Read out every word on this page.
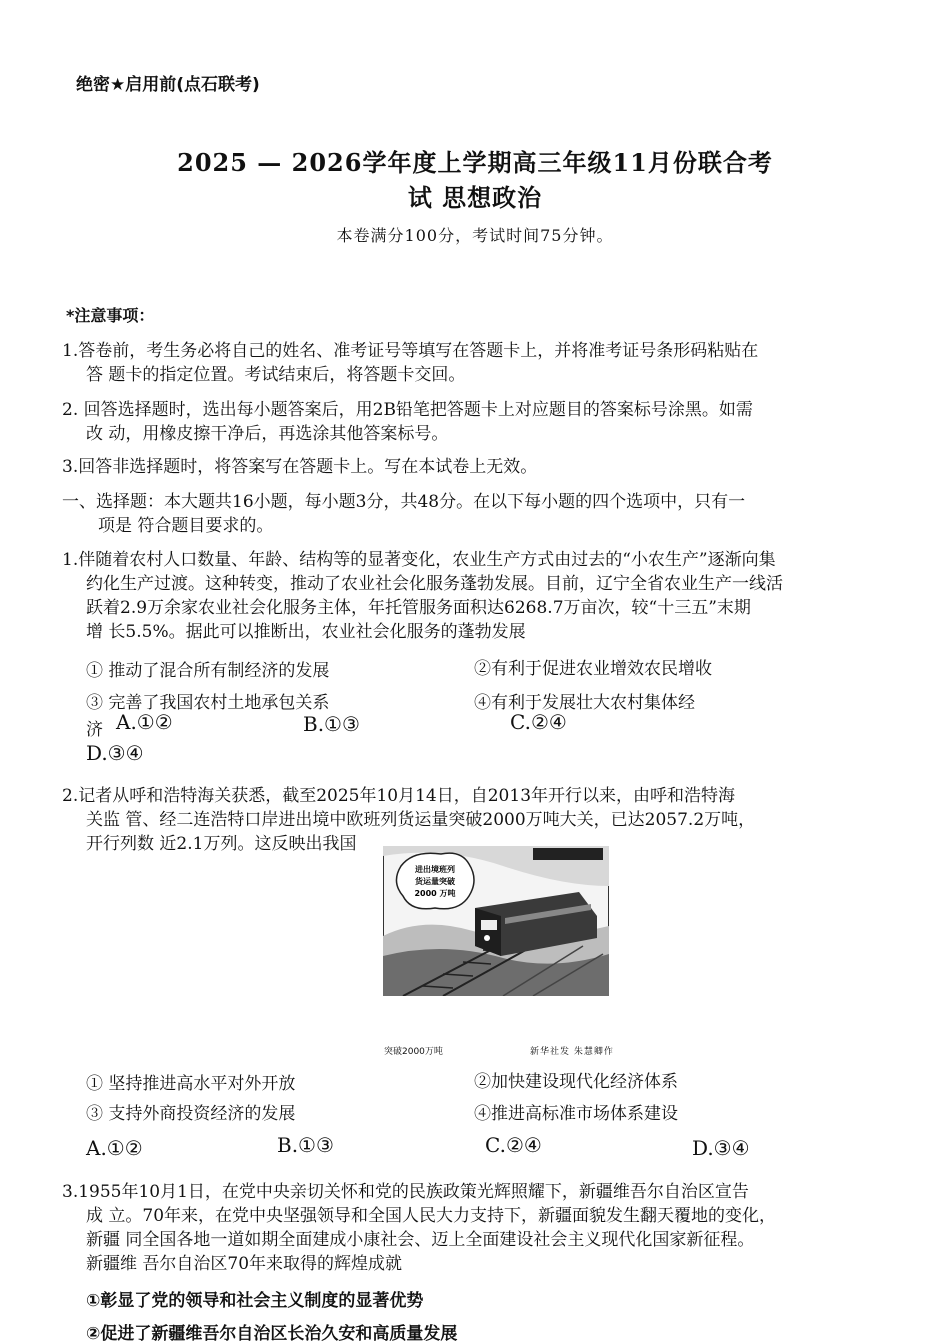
绝密★启用前(点石联考)
2025 — 2026学年度上学期高三年级11月份联合考
试 思想政治
本卷满分100分，考试时间75分钟。
*注意事项：
1.答卷前，考生务必将自己的姓名、准考证号等填写在答题卡上，并将准考证号条形码粘贴在
答 题卡的指定位置。考试结束后，将答题卡交回。
2. 回答选择题时，选出每小题答案后，用2B铅笔把答题卡上对应题目的答案标号涂黑。如需
改 动，用橡皮擦干净后，再选涂其他答案标号。
3.回答非选择题时，将答案写在答题卡上。写在本试卷上无效。
一、选择题：本大题共16小题，每小题3分，共48分。在以下每小题的四个选项中，只有一
项是 符合题目要求的。
1.伴随着农村人口数量、年龄、结构等的显著变化，农业生产方式由过去的“小农生产”逐渐向集
约化生产过渡。这种转变，推动了农业社会化服务蓬勃发展。目前，辽宁全省农业生产一线活
跃着2.9万余家农业社会化服务主体，年托管服务面积达6268.7万亩次，较“十三五”末期
增 长5.5%。据此可以推断出，农业社会化服务的蓬勃发展
① 推动了混合所有制经济的发展	②有利于促进农业增效农民增收
③ 完善了我国农村土地承包关系	④有利于发展壮大农村集体经
济 A.①②	B.①③	C.②④
D.③④
2.记者从呼和浩特海关获悉，截至2025年10月14日，自2013年开行以来，由呼和浩特海
关监 管、经二连浩特口岸进出境中欧班列货运量突破2000万吨大关，已达2057.2万吨，
开行列数 近2.1万列。这反映出我国
进出境班列
货运量突破
2000 万吨
突破2000万吨	新华社发 朱慧卿作
① 坚持推进高水平对外开放	②加快建设现代化经济体系
③ 支持外商投资经济的发展	④推进高标准市场体系建设
A.①②	B.①③	C.②④	D.③④
3.1955年10月1日，在党中央亲切关怀和党的民族政策光辉照耀下，新疆维吾尔自治区宣告
成 立。70年来，在党中央坚强领导和全国人民大力支持下，新疆面貌发生翻天覆地的变化，
新疆 同全国各地一道如期全面建成小康社会、迈上全面建设社会主义现代化国家新征程。
新疆维 吾尔自治区70年来取得的辉煌成就
①彰显了党的领导和社会主义制度的显著优势
②促进了新疆维吾尔自治区长治久安和高质量发展
